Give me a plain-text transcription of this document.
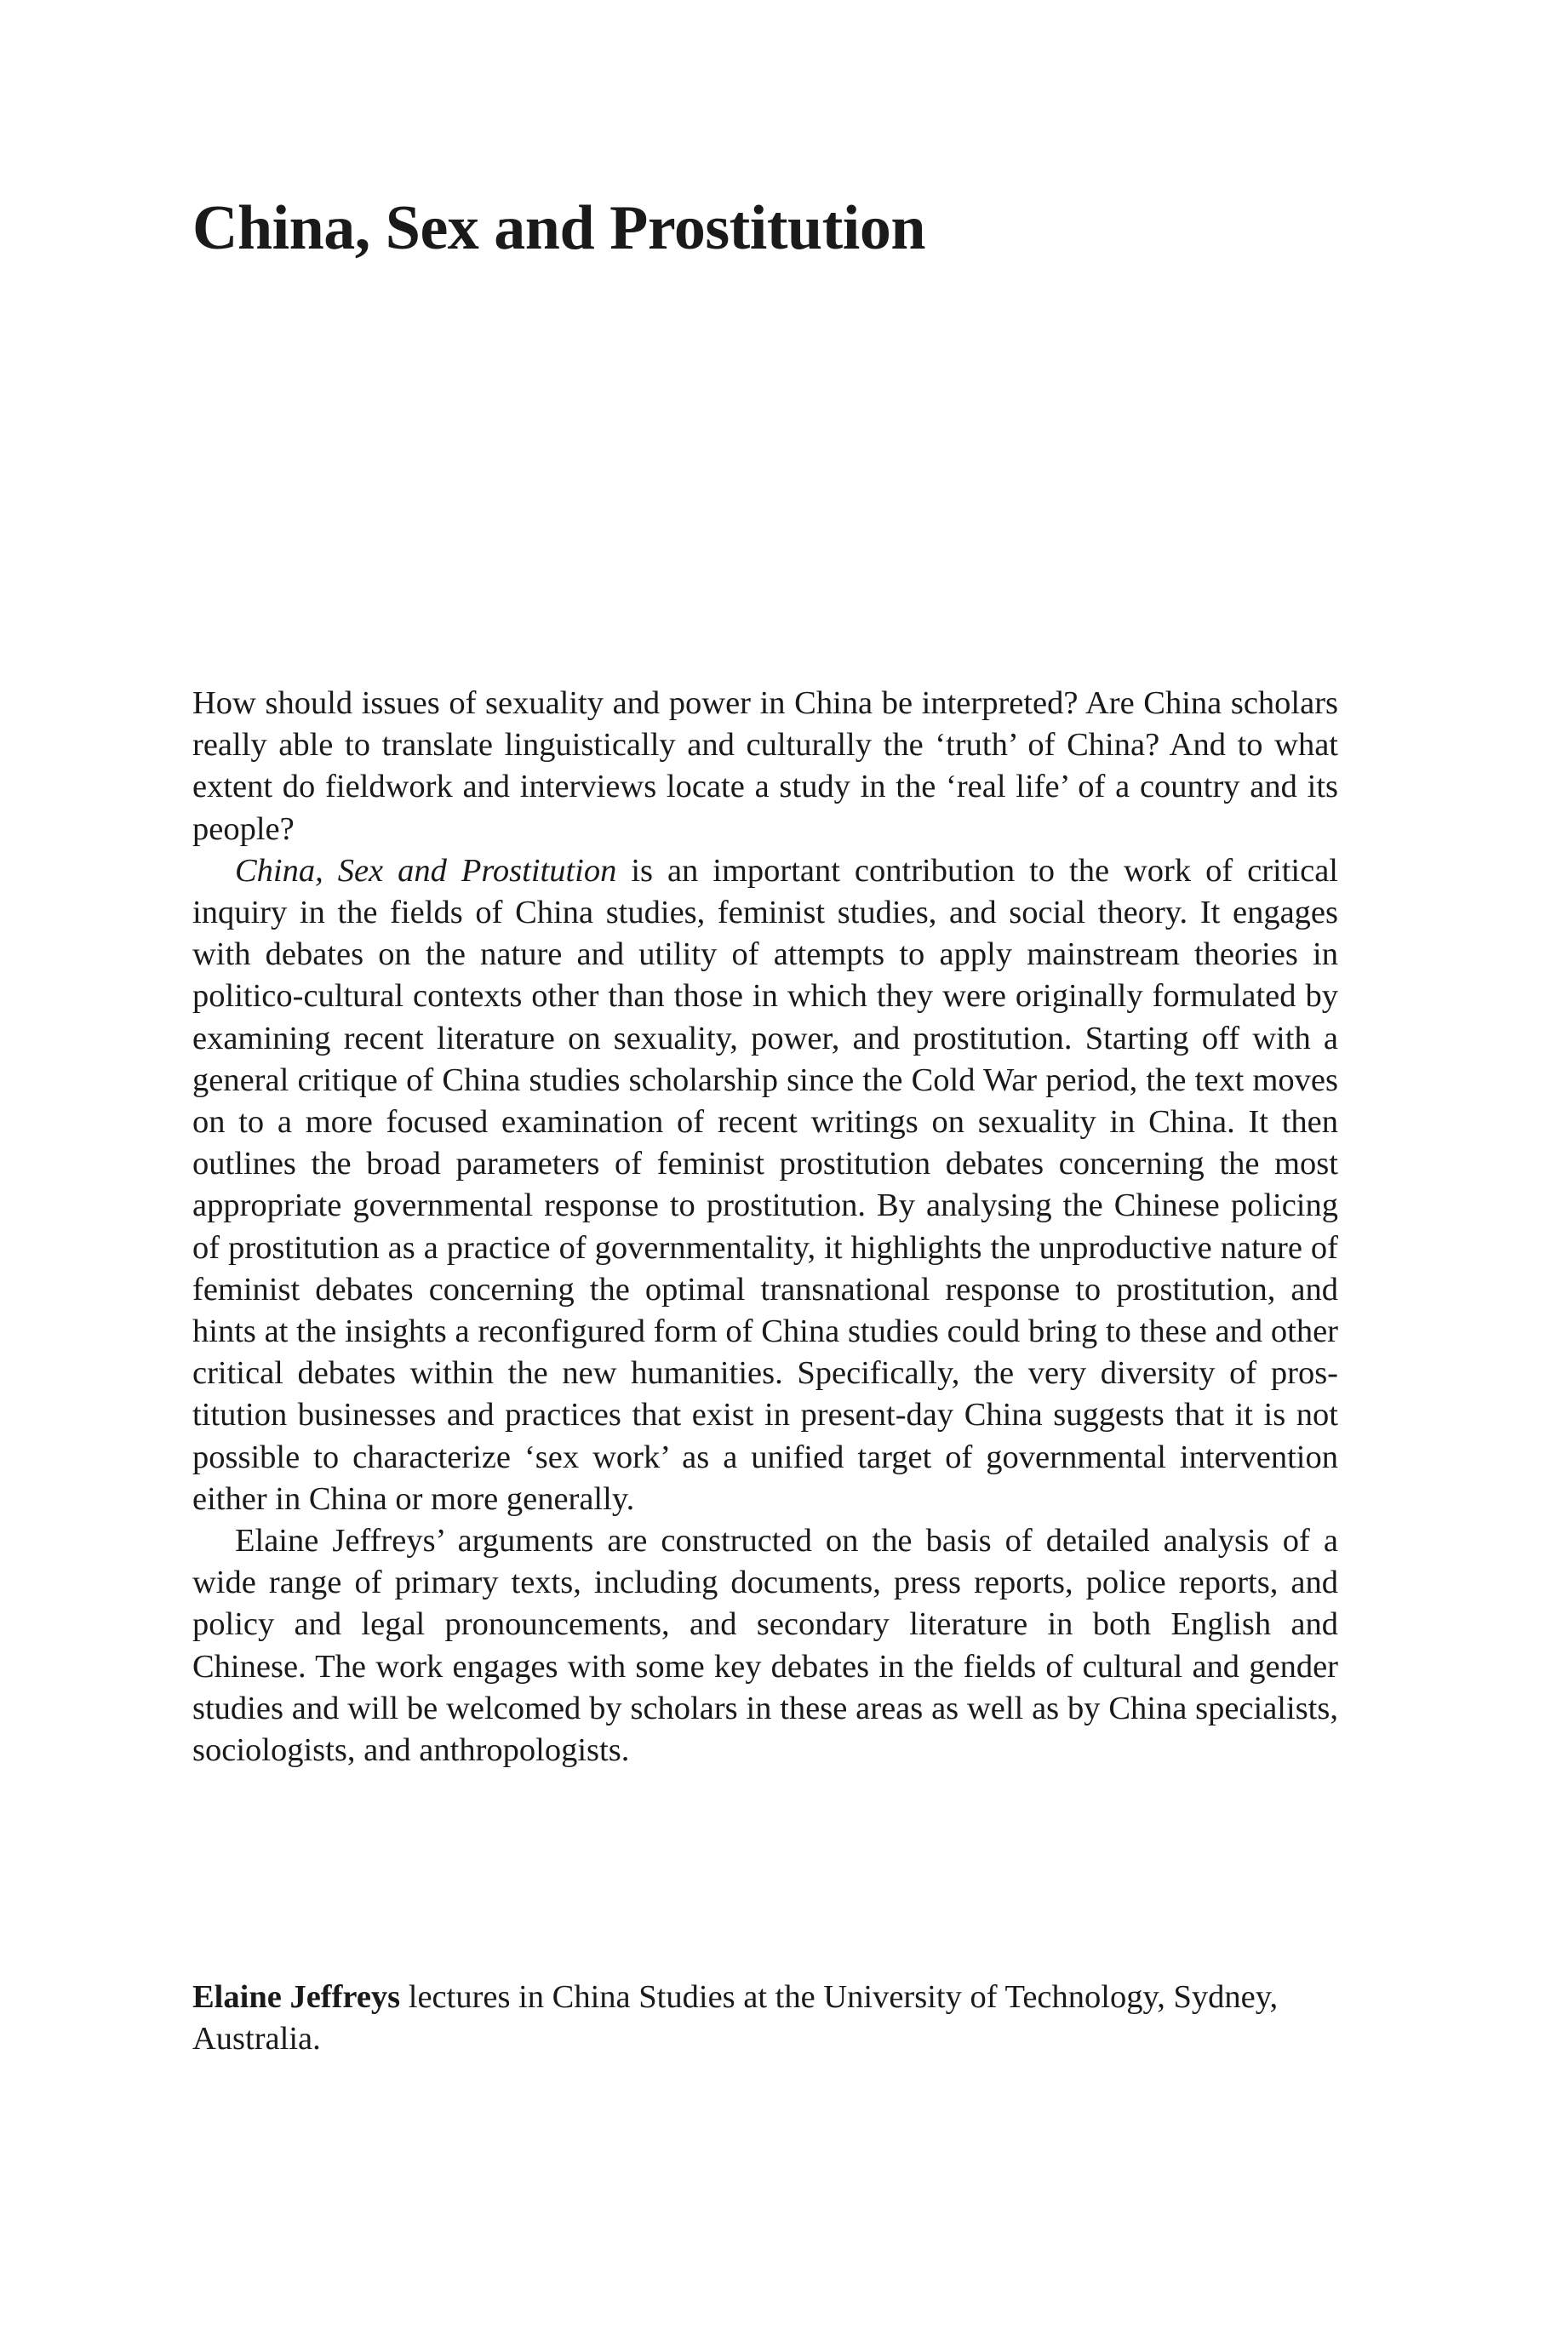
China, Sex and Prostitution

How should issues of sexuality and power in China be interpreted? Are China scholars really able to translate linguistically and culturally the ‘truth’ of China? And to what extent do fieldwork and interviews locate a study in the ‘real life’ of a country and its people?

China, Sex and Prostitution is an important contribution to the work of critical inquiry in the fields of China studies, feminist studies, and social theory. It engages with debates on the nature and utility of attempts to apply mainstream theories in politico-cultural contexts other than those in which they were originally formulated by examining recent literature on sexuality, power, and prostitution. Starting off with a general critique of China studies scholarship since the Cold War period, the text moves on to a more focused examination of recent writings on sexuality in China. It then outlines the broad parameters of feminist prostitution debates concerning the most appropriate governmental response to prostitution. By analysing the Chinese policing of prostitution as a practice of governmentality, it highlights the unproductive nature of feminist debates concerning the optimal transnational response to prostitution, and hints at the insights a reconfigured form of China studies could bring to these and other critical debates within the new humanities. Specifically, the very diversity of prostitution businesses and practices that exist in present-day China suggests that it is not possible to characterize ‘sex work’ as a unified target of governmental intervention either in China or more generally.

Elaine Jeffreys’ arguments are constructed on the basis of detailed analysis of a wide range of primary texts, including documents, press reports, police reports, and policy and legal pronouncements, and secondary literature in both English and Chinese. The work engages with some key debates in the fields of cultural and gender studies and will be welcomed by scholars in these areas as well as by China specialists, sociologists, and anthropologists.

Elaine Jeffreys lectures in China Studies at the University of Technology, Sydney, Australia.
